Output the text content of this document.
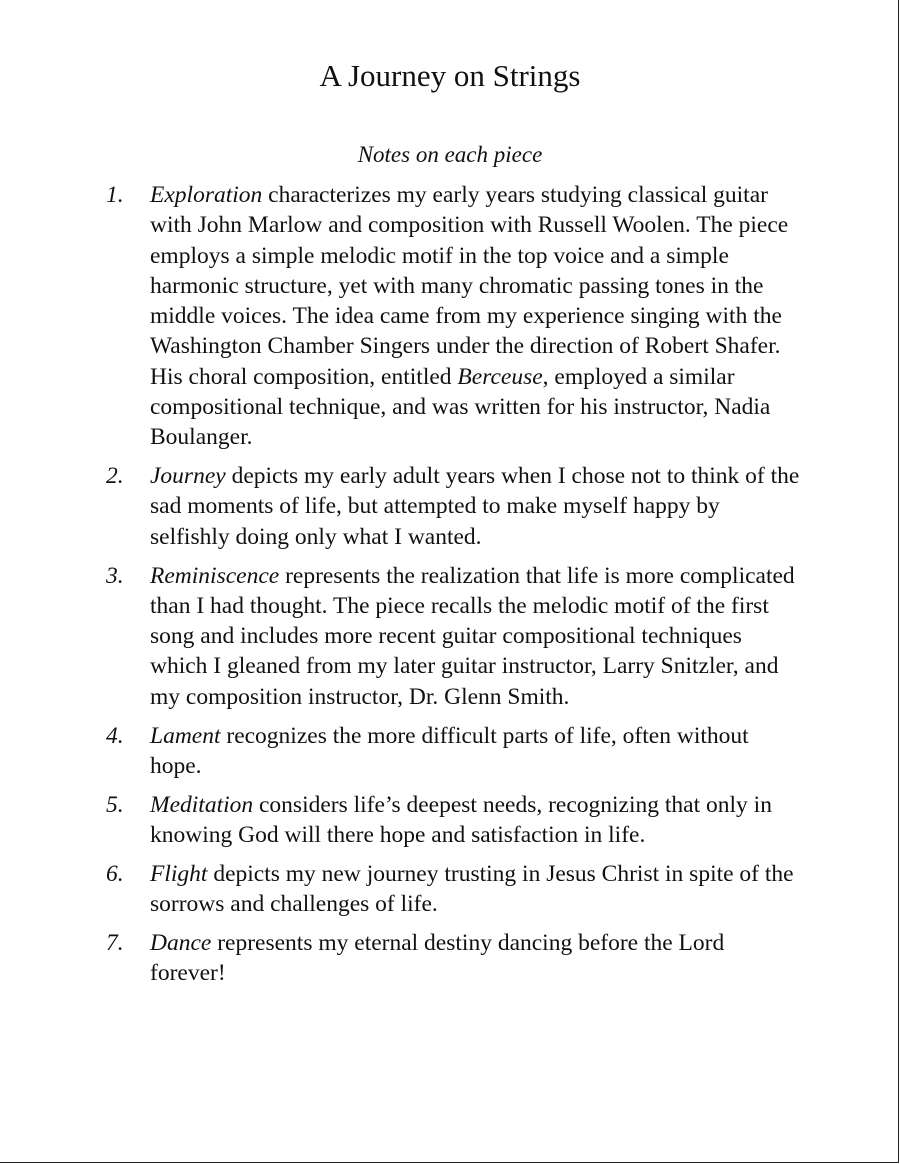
A Journey on Strings
Notes on each piece
1. Exploration characterizes my early years studying classical guitar with John Marlow and composition with Russell Woolen. The piece employs a simple melodic motif in the top voice and a simple harmonic structure, yet with many chromatic passing tones in the middle voices. The idea came from my experience singing with the Washington Chamber Singers under the direction of Robert Shafer. His choral composition, entitled Berceuse, employed a similar compositional technique, and was written for his instructor, Nadia Boulanger.
2. Journey depicts my early adult years when I chose not to think of the sad moments of life, but attempted to make myself happy by selfishly doing only what I wanted.
3. Reminiscence represents the realization that life is more complicated than I had thought. The piece recalls the melodic motif of the first song and includes more recent guitar compositional techniques which I gleaned from my later guitar instructor, Larry Snitzler, and my composition instructor, Dr. Glenn Smith.
4. Lament recognizes the more difficult parts of life, often without hope.
5. Meditation considers life’s deepest needs, recognizing that only in knowing God will there hope and satisfaction in life.
6. Flight depicts my new journey trusting in Jesus Christ in spite of the sorrows and challenges of life.
7. Dance represents my eternal destiny dancing before the Lord forever!
